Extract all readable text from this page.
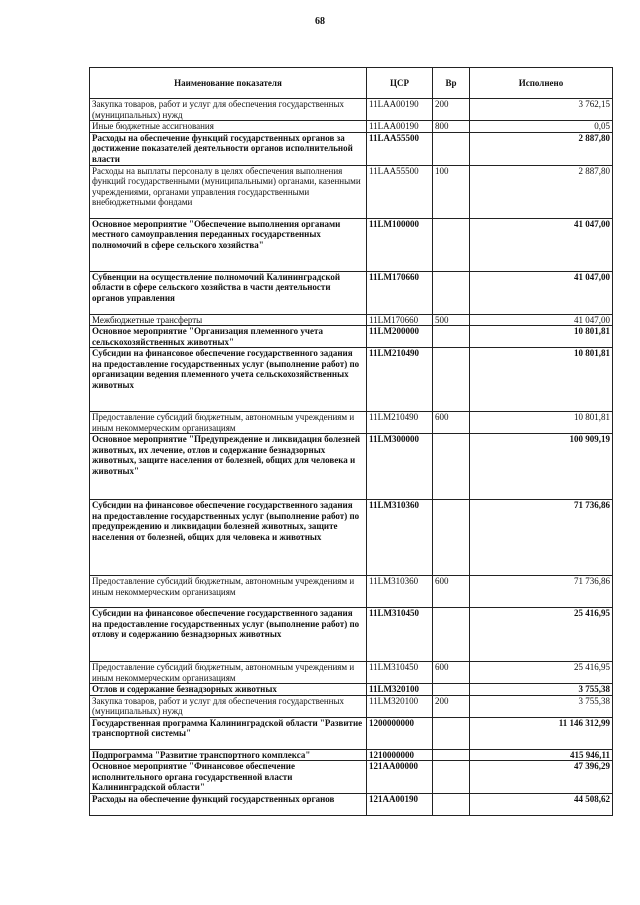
68
Наименование показателя	ЦСР	Вр	Исполнено
Закупка товаров, работ и услуг для обеспечения государственных (муниципальных) нужд	11LAA00190	200	3 762,15
Иные бюджетные ассигнования	11LAA00190	800	0,05
Расходы на обеспечение функций государственных органов за достижение показателей деятельности органов исполнительной власти	11LAA55500		2 887,80
Расходы на выплаты персоналу в целях обеспечения выполнения функций государственными (муниципальными) органами, казенными учреждениями, органами управления государственными внебюджетными фондами	11LAA55500	100	2 887,80
Основное мероприятие "Обеспечение выполнения органами местного самоуправления переданных государственных полномочий в сфере сельского хозяйства"	11LM100000		41 047,00
Субвенции на осуществление полномочий Калининградской области в сфере сельского хозяйства в части деятельности органов управления	11LM170660		41 047,00
Межбюджетные трансферты	11LM170660	500	41 047,00
Основное мероприятие "Организация племенного учета сельскохозяйственных животных"	11LM200000		10 801,81
Субсидии на финансовое обеспечение государственного задания на предоставление государственных услуг (выполнение работ) по организации ведения племенного учета сельскохозяйственных животных	11LM210490		10 801,81
Предоставление субсидий бюджетным, автономным учреждениям и иным некоммерческим организациям	11LM210490	600	10 801,81
Основное мероприятие "Предупреждение и ликвидация болезней животных, их лечение, отлов и содержание безнадзорных животных, защите населения от болезней, общих для человека и животных"	11LM300000		100 909,19
Субсидии на финансовое обеспечение государственного задания на предоставление государственных услуг (выполнение работ) по предупреждению и ликвидации болезней животных, защите населения от болезней, общих для человека и животных	11LM310360		71 736,86
Предоставление субсидий бюджетным, автономным учреждениям и иным некоммерческим организациям	11LM310360	600	71 736,86
Субсидии на финансовое обеспечение государственного задания на предоставление государственных услуг (выполнение работ) по отлову и содержанию безнадзорных животных	11LM310450		25 416,95
Предоставление субсидий бюджетным, автономным учреждениям и иным некоммерческим организациям	11LM310450	600	25 416,95
Отлов и содержание безнадзорных животных	11LM320100		3 755,38
Закупка товаров, работ и услуг для обеспечения государственных (муниципальных) нужд	11LM320100	200	3 755,38
Государственная программа Калининградской области "Развитие транспортной системы"	1200000000		11 146 312,99
Подпрограмма "Развитие транспортного комплекса"	1210000000		415 946,11
Основное мероприятие "Финансовое обеспечение исполнительного органа государственной власти Калининградской области"	121AA00000		47 396,29
Расходы на обеспечение функций государственных органов	121AA00190		44 508,62
